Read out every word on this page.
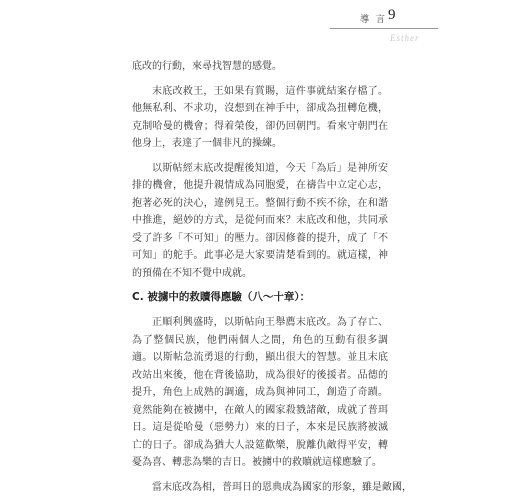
導 言 9
Esther

底改的行動，來尋找智慧的感覺。

末底改救王，王如果有賞賜，這件事就結案存檔了。他無私利、不求功，沒想到在神手中，卻成為扭轉危機，克制哈曼的機會；得着榮俊，卻仍回朝門。看來守朝門在他身上，表達了一個非凡的操練。

以斯帖經末底改提醒後知道，今天「為后」是神所安排的機會，他提升親情成為同胞愛，在禱告中立定心志，抱著必死的決心，違例見王。整個行動不疾不徐，在和諧中推進，絕妙的方式，是從何而來？末底改和他，共同承受了許多「不可知」的壓力。卻因修養的提升，成了「不可知」的舵手。此事必是大家要清楚看到的。就這樣，神的預備在不知不覺中成就。

C. 被擄中的救贖得應驗（八～十章）：

正順利興盛時，以斯帖向王舉薦末底改。為了存亡、為了整個民族，他們兩個人之間，角色的互動有很多調適。以斯帖急流勇退的行動，顯出很大的智慧。並且末底改站出來後，他在背後協助，成為很好的後援者。品德的提升，角色上成熟的調適，成為與神同工，創造了奇蹟。竟然能夠在被擄中，在敵人的國家殺戮諸敵，成就了普珥日。這是從哈曼（惡勢力）來的日子，本來是民族將被滅亡的日子。卻成為猶大人設筵歡樂，脫離仇敵得平安，轉憂為喜、轉悲為樂的吉日。被擄中的救贖就這樣應驗了。

當末底改為相，普珥日的恩典成為國家的形象，雖是敵國，
